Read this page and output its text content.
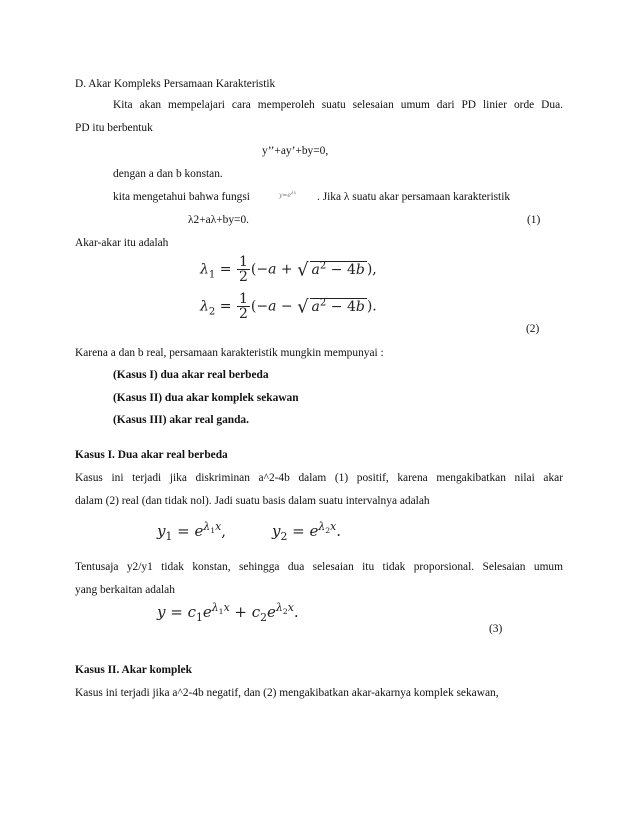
D. Akar Kompleks Persamaan Karakteristik
Kita akan mempelajari cara memperoleh suatu selesaian umum dari PD linier orde Dua.
PD itu berbentuk
y’’+ay’+by=0,
dengan a dan b konstan.
kita mengetahui bahwa fungsi	$y=e^{\lambda x}$ . Jika λ suatu akar persamaan karakteristik
λ2+aλ+by=0.	(1)
Akar-akar itu adalah
$\lambda_1 = \frac{1}{2} (-a$ + √ $a^2 - 4b$ ),
$\lambda_2 = \frac{1}{2} (-a$ − √ $a^2 - 4b$ ).
(2)
Karena a dan b real, persamaan karakteristik mungkin mempunyai :
(Kasus I) dua akar real berbeda
(Kasus II) dua akar komplek sekawan
(Kasus III) akar real ganda.
Kasus I. Dua akar real berbeda
Kasus ini terjadi jika diskriminan a^2-4b dalam (1) positif, karena mengakibatkan nilai akar
dalam (2) real (dan tidak nol). Jadi suatu basis dalam suatu intervalnya adalah
$y_1 = e^{\lambda_1x}$,	$y_2 = e^{\lambda_2x}$.
Tentusaja y2/y1 tidak konstan, sehingga dua selesaian itu tidak proporsional. Selesaian umum
yang berkaitan adalah
$y = c_1e^{\lambda_1x} + c_2e^{\lambda_2x}$.
(3)
Kasus II. Akar komplek
Kasus ini terjadi jika a^2-4b negatif, dan (2) mengakibatkan akar-akarnya komplek sekawan,
